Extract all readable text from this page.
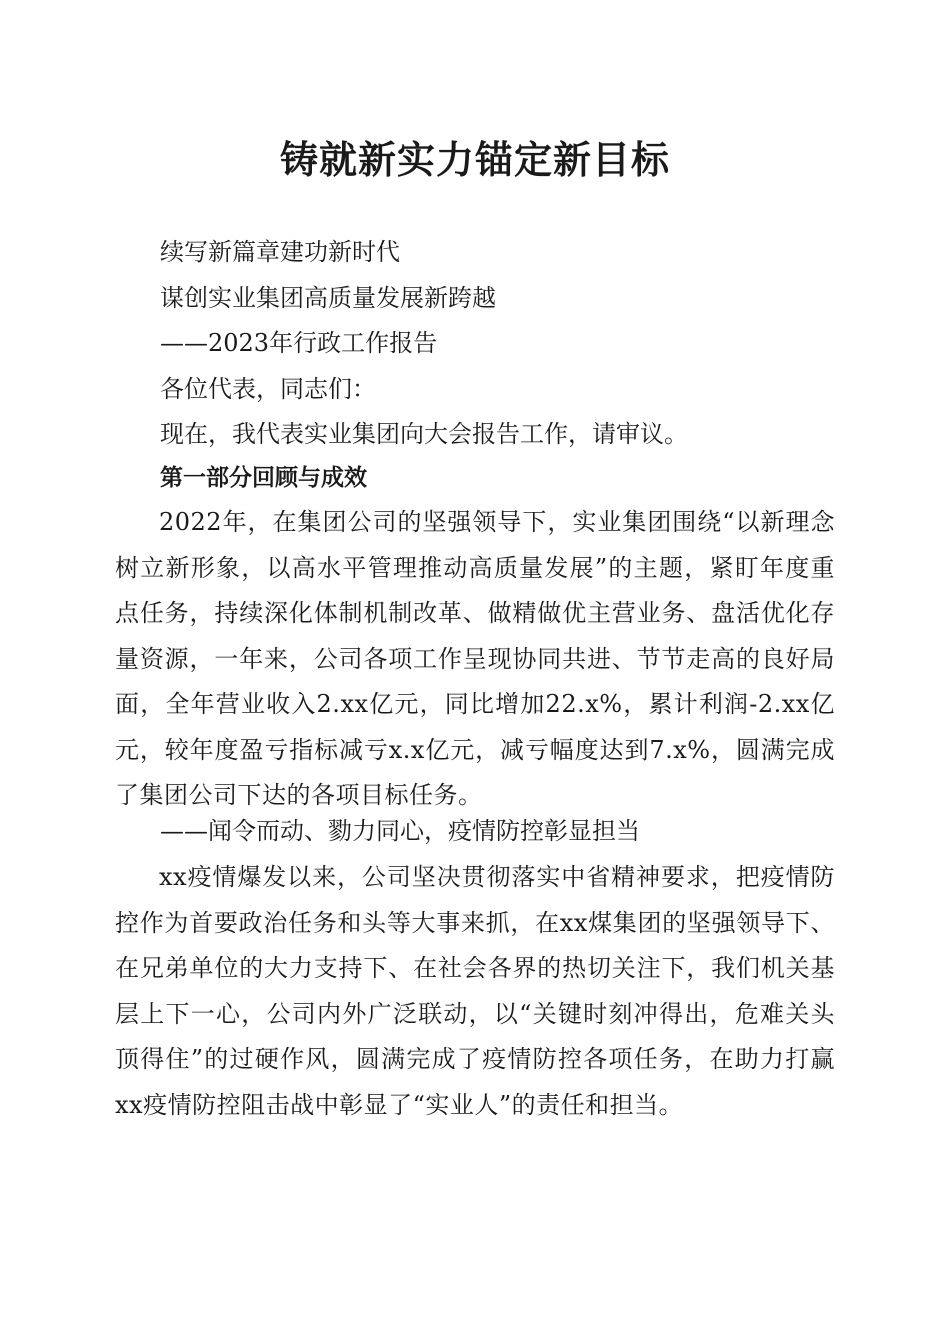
铸就新实力锚定新目标
续写新篇章建功新时代
谋创实业集团高质量发展新跨越
——2023年行政工作报告
各位代表，同志们：
现在，我代表实业集团向大会报告工作，请审议。
第一部分回顾与成效
2022年，在集团公司的坚强领导下，实业集团围绕“以新理念树立新形象，以高水平管理推动高质量发展”的主题，紧盯年度重点任务，持续深化体制机制改革、做精做优主营业务、盘活优化存量资源，一年来，公司各项工作呈现协同共进、节节走高的良好局面，全年营业收入2.xx亿元，同比增加22.x%，累计利润-2.xx亿元，较年度盈亏指标减亏x.x亿元，减亏幅度达到7.x%，圆满完成了集团公司下达的各项目标任务。
——闻令而动、勠力同心，疫情防控彰显担当
xx疫情爆发以来，公司坚决贯彻落实中省精神要求，把疫情防控作为首要政治任务和头等大事来抓，在xx煤集团的坚强领导下、在兄弟单位的大力支持下、在社会各界的热切关注下，我们机关基层上下一心，公司内外广泛联动，以“关键时刻冲得出，危难关头顶得住”的过硬作风，圆满完成了疫情防控各项任务，在助力打赢xx疫情防控阻击战中彰显了“实业人”的责任和担当。
